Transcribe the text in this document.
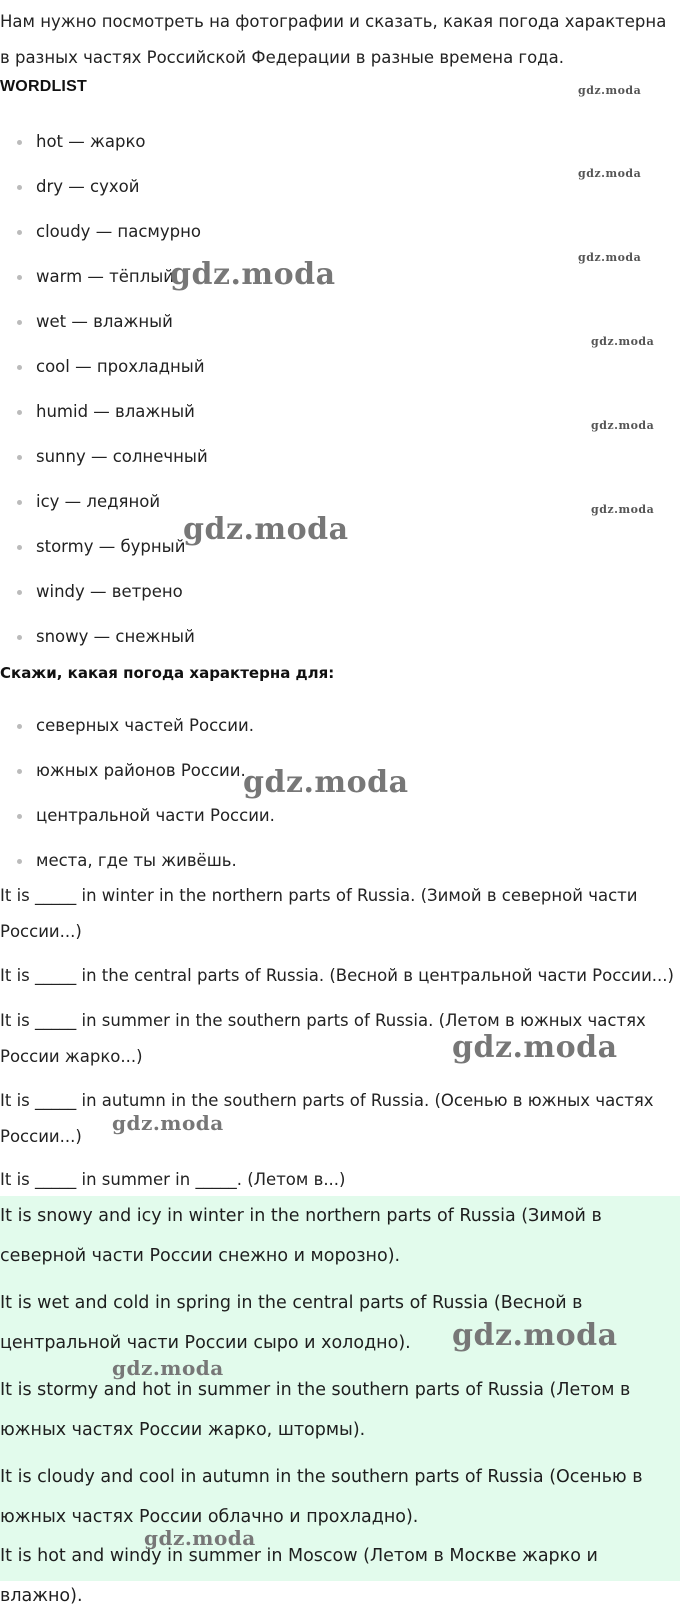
Нам нужно посмотреть на фотографии и сказать, какая погода характерна в разных частях Российской Федерации в разные времена года.
WORDLIST
hot — жарко
dry — сухой
cloudy — пасмурно
warm — тёплый
wet — влажный
cool — прохладный
humid — влажный
sunny — солнечный
icy — ледяной
stormy — бурный
windy — ветрено
snowy — снежный
Скажи, какая погода характерна для:
северных частей России.
южных районов России.
центральной части России.
места, где ты живёшь.
It is _____ in winter in the northern parts of Russia. (Зимой в северной части России...)
It is _____ in the central parts of Russia. (Весной в центральной части России...)
It is _____ in summer in the southern parts of Russia. (Летом в южных частях России жарко...)
It is _____ in autumn in the southern parts of Russia. (Осенью в южных частях России...)
It is _____ in summer in _____. (Летом в...)
It is snowy and icy in winter in the northern parts of Russia (Зимой в северной части России снежно и морозно).
It is wet and cold in spring in the central parts of Russia (Весной в центральной части России сыро и холодно).
It is stormy and hot in summer in the southern parts of Russia (Летом в южных частях России жарко, штормы).
It is cloudy and cool in autumn in the southern parts of Russia (Осенью в южных частях России облачно и прохладно).
It is hot and windy in summer in Moscow (Летом в Москве жарко и влажно).
gdz.moda
gdz.moda
gdz.moda
gdz.moda
gdz.moda
gdz.moda
gdz.moda
gdz.moda
gdz.moda
gdz.moda
gdz.moda
gdz.moda
gdz.moda
gdz.moda
